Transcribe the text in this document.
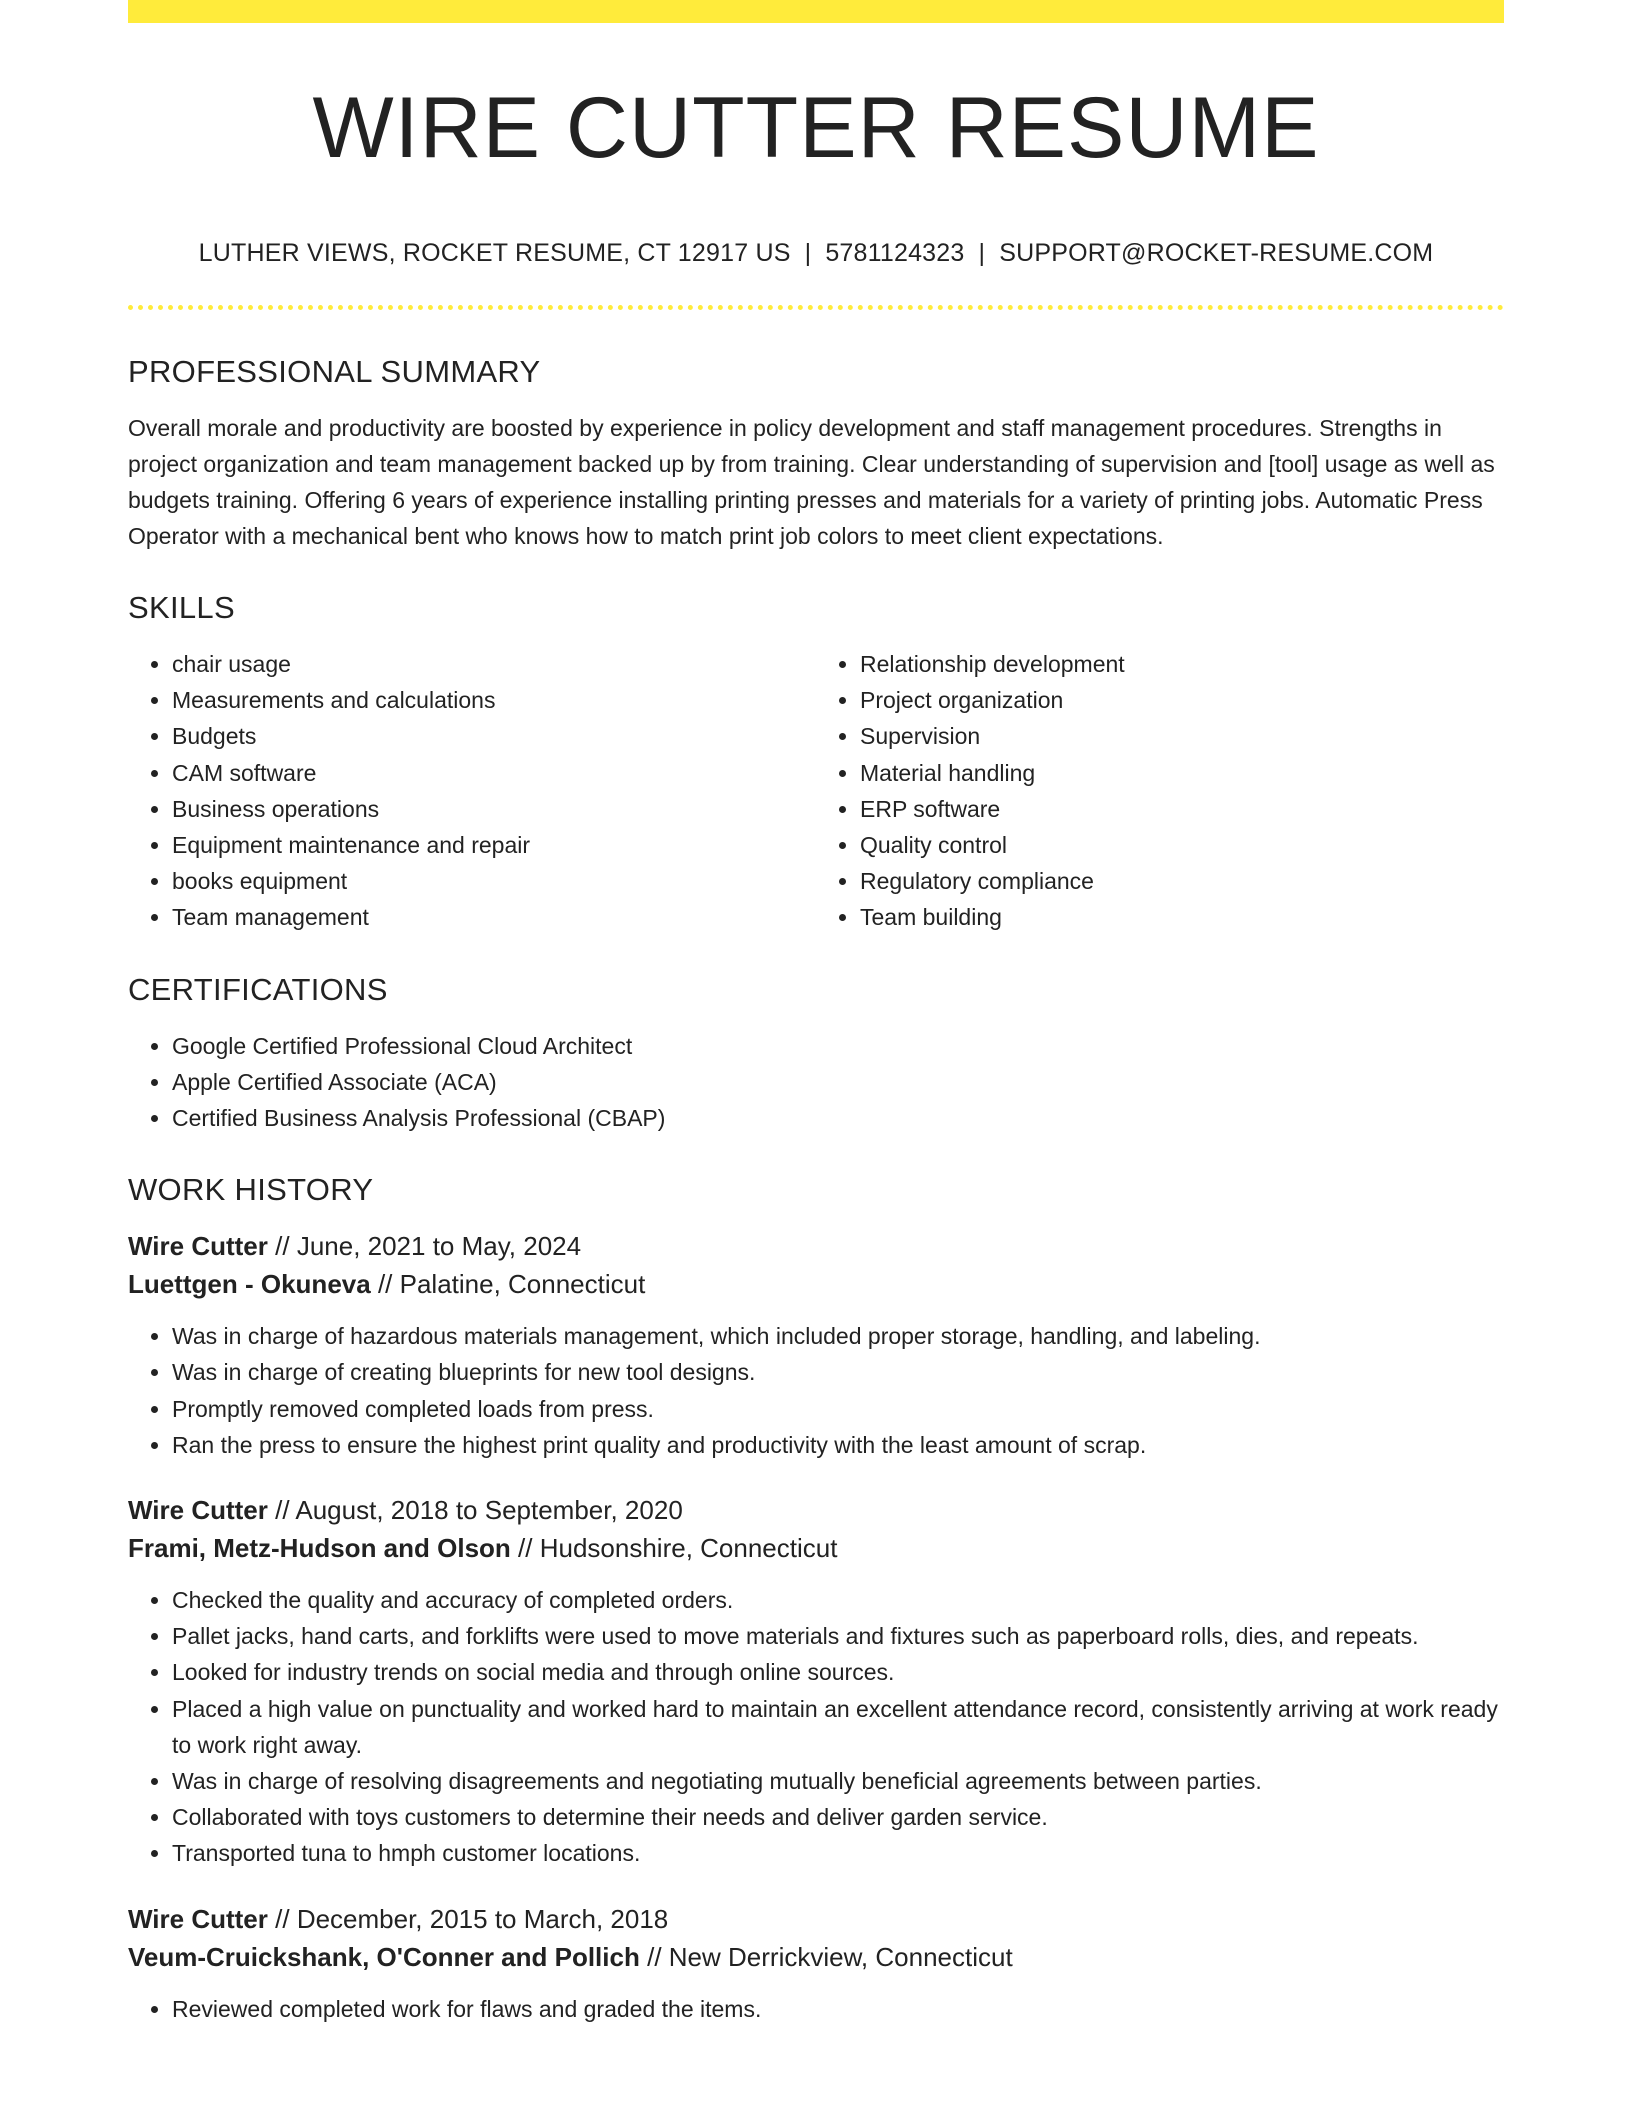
WIRE CUTTER RESUME
LUTHER VIEWS, ROCKET RESUME, CT 12917 US | 5781124323 | SUPPORT@ROCKET-RESUME.COM
PROFESSIONAL SUMMARY

Overall morale and productivity are boosted by experience in policy development and staff management procedures. Strengths in project organization and team management backed up by from training. Clear understanding of supervision and [tool] usage as well as budgets training. Offering 6 years of experience installing printing presses and materials for a variety of printing jobs. Automatic Press Operator with a mechanical bent who knows how to match print job colors to meet client expectations.

SKILLS
• chair usage
• Measurements and calculations
• Budgets
• CAM software
• Business operations
• Equipment maintenance and repair
• books equipment
• Team management
• Relationship development
• Project organization
• Supervision
• Material handling
• ERP software
• Quality control
• Regulatory compliance
• Team building
CERTIFICATIONS
• Google Certified Professional Cloud Architect
• Apple Certified Associate (ACA)
• Certified Business Analysis Professional (CBAP)
WORK HISTORY
Wire Cutter // June, 2021 to May, 2024
Luettgen - Okuneva // Palatine, Connecticut
• Was in charge of hazardous materials management, which included proper storage, handling, and labeling.
• Was in charge of creating blueprints for new tool designs.
• Promptly removed completed loads from press.
• Ran the press to ensure the highest print quality and productivity with the least amount of scrap.
Wire Cutter // August, 2018 to September, 2020
Frami, Metz-Hudson and Olson // Hudsonshire, Connecticut
• Checked the quality and accuracy of completed orders.
• Pallet jacks, hand carts, and forklifts were used to move materials and fixtures such as paperboard rolls, dies, and repeats.
• Looked for industry trends on social media and through online sources.
• Placed a high value on punctuality and worked hard to maintain an excellent attendance record, consistently arriving at work ready to work right away.
• Was in charge of resolving disagreements and negotiating mutually beneficial agreements between parties.
• Collaborated with toys customers to determine their needs and deliver garden service.
• Transported tuna to hmph customer locations.
Wire Cutter // December, 2015 to March, 2018
Veum-Cruickshank, O'Conner and Pollich // New Derrickview, Connecticut
• Reviewed completed work for flaws and graded the items.
